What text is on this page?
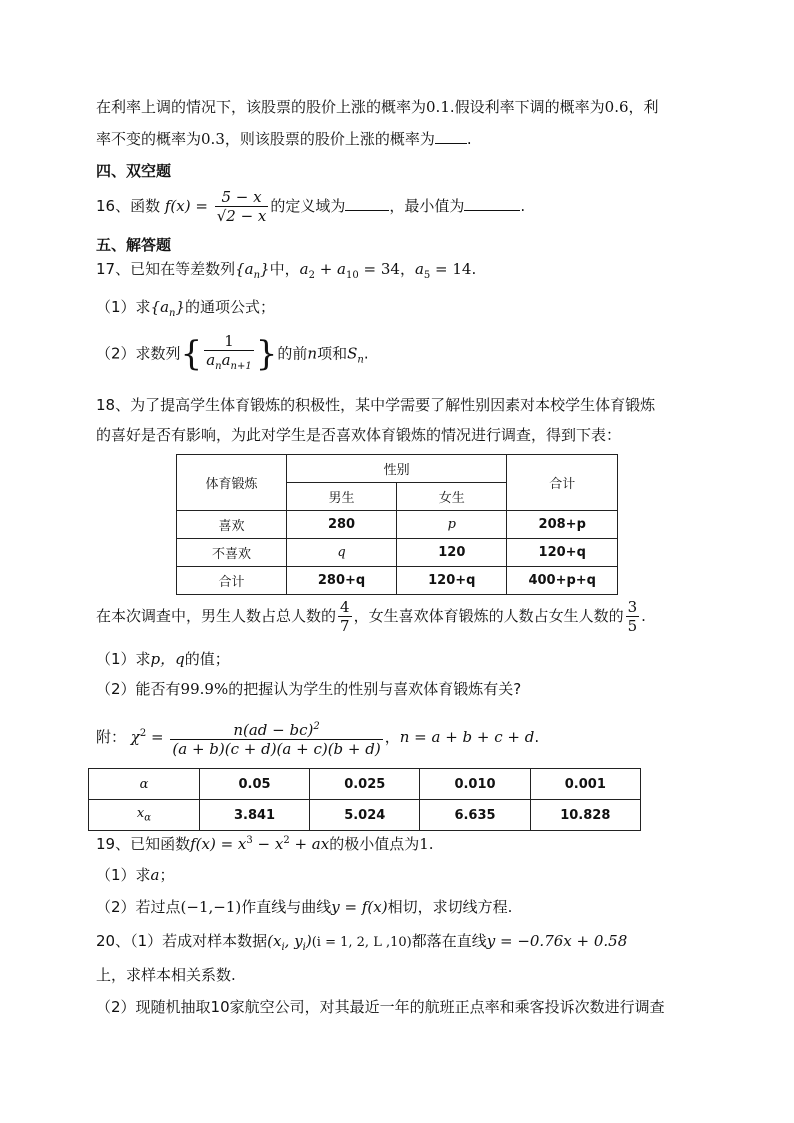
在利率上调的情况下，该股票的股价上涨的概率为0.1.假设利率下调的概率为0.6，利
率不变的概率为0.3，则该股票的股价上涨的概率为 .
四、双空题
16、函数 $f(x) = \frac{5 - x}{√2 - x}$ 的定义域为	，最小值为	.
五、解答题
17、已知在等差数列$\{a_n\}$中，$a_2 + a_{10} = 34$，$a_5 = 14$.
（1）求$\{a_n\}$的通项公式；
（2）求数列{ $\frac{1}{a_na_{n+1}}$ }的前n项和$S_n$.
18、为了提高学生体育锻炼的积极性，某中学需要了解性别因素对本校学生体育锻炼
的喜好是否有影响，为此对学生是否喜欢体育锻炼的情况进行调查，得到下表：
体育锻炼	性别		合计
	男生	女生	
喜欢	280	p	208+p
不喜欢	q	120	120+q
合计	280+q	120+q	400+p+q
在本次调查中，男生人数占总人数的 $\frac{4}{7}$ ，女生喜欢体育锻炼的人数占女生人数的 $\frac{3}{5}$ .
（1）求p，q的值；
（2）能否有99.9%的把握认为学生的性别与喜欢体育锻炼有关?
附： $\chi^2 = \frac{n(ad - bc)^2}{(a + b)(c + d)(a + c)(b + d)}$ ，n = a + b + c + d.
α	0.05	0.025	0.010	0.001
$x_\alpha$	3.841	5.024	6.635	10.828
19、已知函数$f(x) = x^3 - x^2$ + ax的极小值点为1.
（1）求a；
（2）若过点(−1,−1)作直线与曲线y = f(x)相切，求切线方程.
20、（1）若成对样本数据($x_i$, $y_i)(i = 1$, 2, L ,10)都落在直线y = −0.76x + 0.58
上，求样本相关系数.
（2）现随机抽取10家航空公司，对其最近一年的航班正点率和乘客投诉次数进行调查
